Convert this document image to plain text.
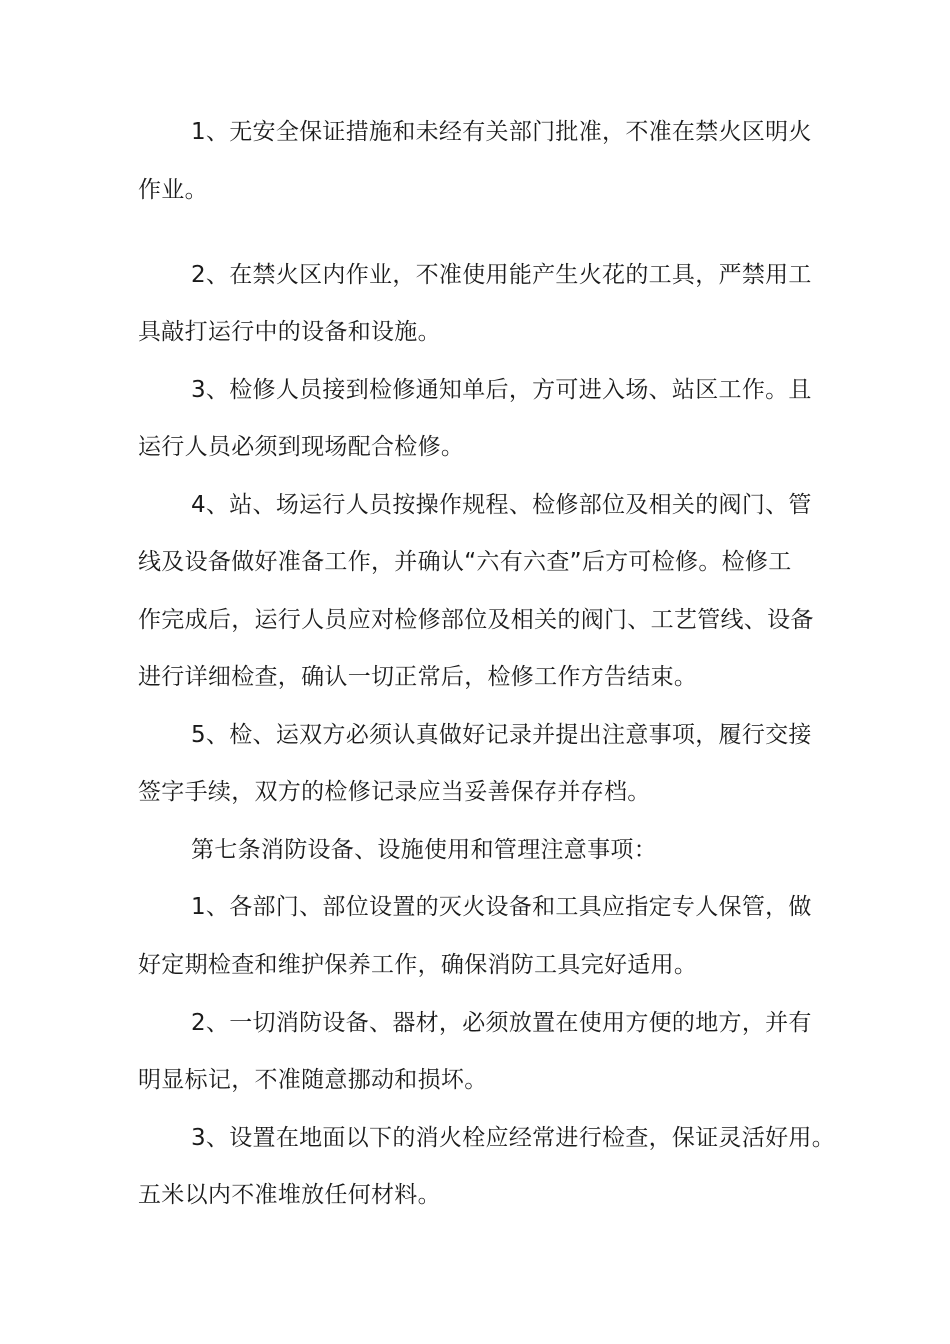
1、无安全保证措施和未经有关部门批准，不准在禁火区明火
作业。
2、在禁火区内作业，不准使用能产生火花的工具，严禁用工
具敲打运行中的设备和设施。
3、检修人员接到检修通知单后，方可进入场、站区工作。且
运行人员必须到现场配合检修。
4、站、场运行人员按操作规程、检修部位及相关的阀门、管
线及设备做好准备工作，并确认“六有六查”后方可检修。检修工
作完成后，运行人员应对检修部位及相关的阀门、工艺管线、设备
进行详细检查，确认一切正常后，检修工作方告结束。
5、检、运双方必须认真做好记录并提出注意事项，履行交接
签字手续，双方的检修记录应当妥善保存并存档。
第七条消防设备、设施使用和管理注意事项：
1、各部门、部位设置的灭火设备和工具应指定专人保管，做
好定期检查和维护保养工作，确保消防工具完好适用。
2、一切消防设备、器材，必须放置在使用方便的地方，并有
明显标记，不准随意挪动和损坏。
3、设置在地面以下的消火栓应经常进行检查，保证灵活好用。
五米以内不准堆放任何材料。
